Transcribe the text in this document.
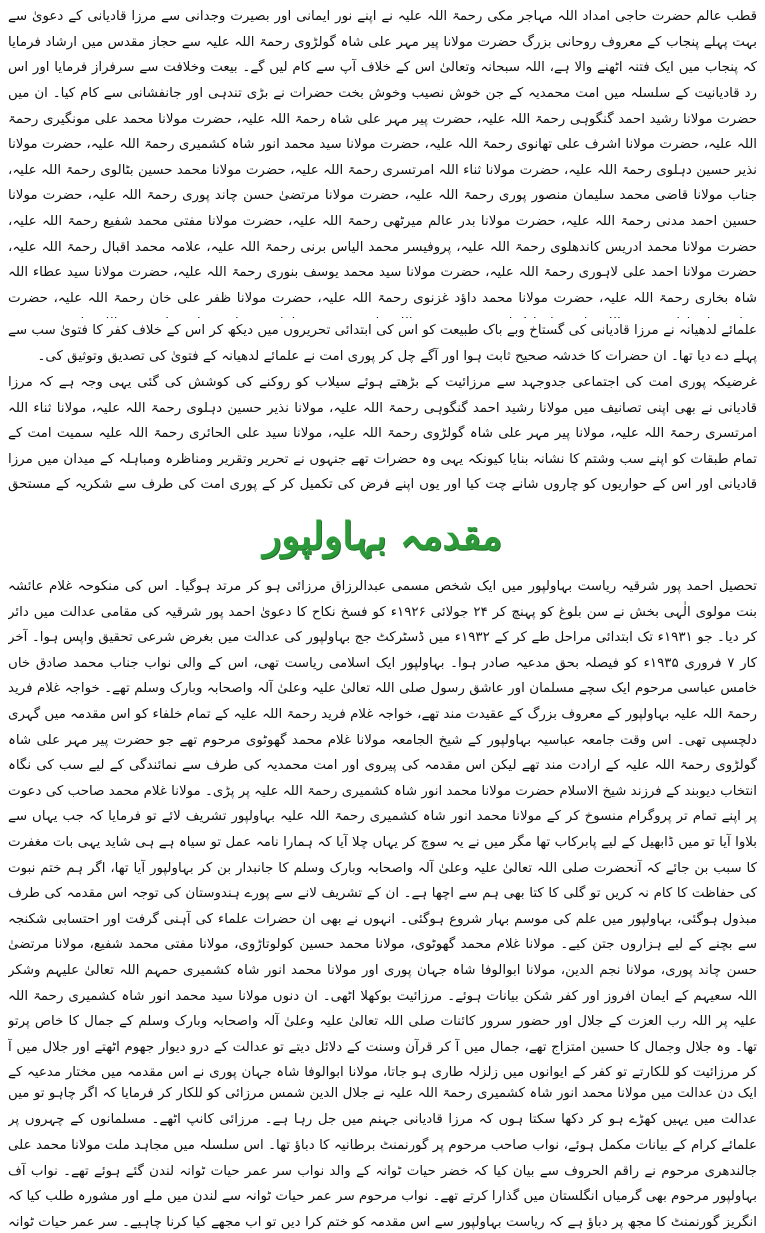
قطب عالم حضرت حاجی امداد اللہ مہاجر مکی رحمۃ اللہ علیہ نے اپنے نور ایمانی اور بصیرت وجدانی سے مرزا قادیانی کے دعویٰ سے بہت پہلے پنجاب کے معروف روحانی بزرگ حضرت مولانا پیر مہر علی شاہ گولڑوی رحمۃ اللہ علیہ سے حجاز مقدس میں ارشاد فرمایا کہ پنجاب میں ایک فتنہ اٹھنے والا ہے، اللہ سبحانہ وتعالیٰ اس کے خلاف آپ سے کام لیں گے۔ بیعت وخلافت سے سرفراز فرمایا اور اس

رد قادیانیت کے سلسلہ میں امت محمدیہ کے جن خوش نصیب وخوش بخت حضرات نے بڑی تندہی اور جانفشانی سے کام کیا۔ ان میں حضرت مولانا رشید احمد گنگوہی رحمۃ اللہ علیہ، حضرت پیر مہر علی شاہ رحمۃ اللہ علیہ، حضرت مولانا محمد علی مونگیری رحمۃ اللہ علیہ، حضرت مولانا اشرف علی تھانوی رحمۃ اللہ علیہ، حضرت مولانا سید محمد انور شاہ کشمیری رحمۃ اللہ علیہ، حضرت مولانا نذیر حسین دہلوی رحمۃ اللہ علیہ، حضرت مولانا ثناء اللہ امرتسری رحمۃ اللہ علیہ، حضرت مولانا محمد حسین بٹالوی رحمۃ اللہ علیہ، جناب مولانا قاضی محمد سلیمان منصور پوری رحمۃ اللہ علیہ، حضرت مولانا مرتضیٰ حسن چاند پوری رحمۃ اللہ علیہ، حضرت مولانا حسین احمد مدنی رحمۃ اللہ علیہ، حضرت مولانا بدر عالم میرٹھی رحمۃ اللہ علیہ، حضرت مولانا مفتی محمد شفیع رحمۃ اللہ علیہ، حضرت مولانا محمد ادریس کاندھلوی رحمۃ اللہ علیہ، پروفیسر محمد الیاس برنی رحمۃ اللہ علیہ، علامہ محمد اقبال رحمۃ اللہ علیہ، حضرت مولانا احمد علی لاہوری رحمۃ اللہ علیہ، حضرت مولانا سید محمد یوسف بنوری رحمۃ اللہ علیہ، حضرت مولانا سید عطاء اللہ شاہ بخاری رحمۃ اللہ علیہ، حضرت مولانا محمد داؤد غزنوی رحمۃ اللہ علیہ، حضرت مولانا ظفر علی خان رحمۃ اللہ علیہ، حضرت

علمائے لدھیانہ نے مرزا قادیانی کی گستاخ وبے باک طبیعت کو اس کی ابتدائی تحریروں میں دیکھ کر اس کے خلاف کفر کا فتویٰ سب سے پہلے دے دیا تھا۔ ان حضرات کا خدشہ صحیح ثابت ہوا اور آگے چل کر پوری امت نے علمائے لدھیانہ کے فتویٰ کی تصدیق وتوثیق کی۔

غرضیکہ پوری امت کی اجتماعی جدوجہد سے مرزائیت کے بڑھتے ہوئے سیلاب کو روکنے کی کوشش کی گئی یہی وجہ ہے کہ مرزا قادیانی نے بھی اپنی تصانیف میں مولانا رشید احمد گنگوہی رحمۃ اللہ علیہ، مولانا نذیر حسین دہلوی رحمۃ اللہ علیہ، مولانا ثناء اللہ امرتسری رحمۃ اللہ علیہ، مولانا پیر مہر علی شاہ گولڑوی رحمۃ اللہ علیہ، مولانا سید علی الحائری رحمۃ اللہ علیہ سمیت امت کے تمام طبقات کو اپنے سب وشتم کا نشانہ بنایا کیونکہ یہی وہ حضرات تھے جنہوں نے تحریر وتقریر ومناظرہ ومباہلہ کے میدان میں مرزا قادیانی اور اس کے حواریوں کو چاروں شانے چت کیا اور یوں اپنے فرض کی تکمیل کر کے پوری امت کی طرف سے شکریہ کے مستحق

مقدمہ بہاولپور

تحصیل احمد پور شرقیہ ریاست بہاولپور میں ایک شخص مسمی عبدالرزاق مرزائی ہو کر مرتد ہوگیا۔ اس کی منکوحہ غلام عائشہ بنت مولوی الٰہی بخش نے سن بلوغ کو پہنچ کر ۲۴ جولائی ۱۹۲۶ء کو فسخ نکاح کا دعویٰ احمد پور شرقیہ کی مقامی عدالت میں دائر کر دیا۔ جو ۱۹۳۱ء تک ابتدائی مراحل طے کر کے ۱۹۳۲ء میں ڈسٹرکٹ جج بہاولپور کی عدالت میں بغرض شرعی تحقیق واپس ہوا۔ آخر کار ۷ فروری ۱۹۳۵ء کو فیصلہ بحق مدعیہ صادر ہوا۔ بہاولپور ایک اسلامی ریاست تھی، اس کے والی نواب جناب محمد صادق خاں خامس عباسی مرحوم ایک سچے مسلمان اور عاشق رسول صلی اللہ تعالیٰ علیہ وعلیٰ آلہ واصحابہ وبارک وسلم تھے۔ خواجہ غلام فرید رحمۃ اللہ علیہ بہاولپور کے معروف بزرگ کے عقیدت مند تھے، خواجہ غلام فرید رحمۃ اللہ علیہ کے تمام خلفاء کو اس مقدمہ میں گہری دلچسپی تھی۔ اس وقت جامعہ عباسیہ بہاولپور کے شیخ الجامعہ مولانا غلام محمد گھوٹوی مرحوم تھے جو حضرت پیر مہر علی شاہ گولڑوی رحمۃ اللہ علیہ کے ارادت مند تھے لیکن اس مقدمہ کی پیروی اور امت محمدیہ کی طرف سے نمائندگی کے لیے سب کی نگاہ انتخاب دیوبند کے فرزند شیخ الاسلام حضرت مولانا محمد انور شاہ کشمیری رحمۃ اللہ علیہ پر پڑی۔ مولانا غلام محمد صاحب کی دعوت پر اپنے تمام تر پروگرام منسوخ کر کے مولانا محمد انور شاہ کشمیری رحمۃ اللہ علیہ بہاولپور تشریف لائے تو فرمایا کہ جب یہاں سے بلاوا آیا تو میں ڈابھیل کے لیے پابرکاب تھا مگر میں نے یہ سوچ کر یہاں چلا آیا کہ ہمارا نامہ عمل تو سیاہ ہے ہی شاید یہی بات مغفرت کا سبب بن جائے کہ آنحضرت صلی اللہ تعالیٰ علیہ وعلیٰ آلہ واصحابہ وبارک وسلم کا جانبدار بن کر بہاولپور آیا تھا، اگر ہم ختم نبوت کی حفاظت کا کام نہ کریں تو گلی کا کتا بھی ہم سے اچھا ہے۔ ان کے تشریف لانے سے پورے ہندوستان کی توجہ اس مقدمہ کی طرف مبذول ہوگئی، بہاولپور میں علم کی موسم بہار شروع ہوگئی۔ انہوں نے بھی ان حضرات علماء کی آہنی گرفت اور احتسابی شکنجہ سے بچنے کے لیے ہزاروں جتن کیے۔ مولانا غلام محمد گھوٹوی، مولانا محمد حسین کولوتاڑوی، مولانا مفتی محمد شفیع، مولانا مرتضیٰ حسن چاند پوری، مولانا نجم الدین، مولانا ابوالوفا شاہ جہان پوری اور مولانا محمد انور شاہ کشمیری حمہم اللہ تعالیٰ علیہم وشکر اللہ سعیہم کے ایمان افروز اور کفر شکن بیانات ہوئے۔ مرزائیت بوکھلا اٹھی۔ ان دنوں مولانا سید محمد انور شاہ کشمیری رحمۃ اللہ علیہ پر اللہ رب العزت کے جلال اور حضور سرور کائنات صلی اللہ تعالیٰ علیہ وعلیٰ آلہ واصحابہ وبارک وسلم کے جمال کا خاص پرتو تھا۔ وہ جلال وجمال کا حسین امتزاج تھے، جمال میں آ کر قرآن وسنت کے دلائل دیتے تو عدالت کے درو دیوار جھوم اٹھتے اور جلال میں آ کر مرزائیت کو للکارتے تو کفر کے ایوانوں میں زلزلہ طاری ہو جاتا، مولانا ابوالوفا شاہ جہان پوری نے اس مقدمہ میں مختار مدعیہ کے

ایک دن عدالت میں مولانا محمد انور شاہ کشمیری رحمۃ اللہ علیہ نے جلال الدین شمس مرزائی کو للکار کر فرمایا کہ اگر چاہو تو میں عدالت میں یہیں کھڑے ہو کر دکھا سکتا ہوں کہ مرزا قادیانی جہنم میں جل رہا ہے۔ مرزائی کانپ اٹھے۔ مسلمانوں کے چہروں پر

علمائے کرام کے بیانات مکمل ہوئے، نواب صاحب مرحوم پر گورنمنٹ برطانیہ کا دباؤ تھا۔ اس سلسلہ میں مجاہد ملت مولانا محمد علی جالندھری مرحوم نے راقم الحروف سے بیان کیا کہ خضر حیات ٹوانہ کے والد نواب سر عمر حیات ٹوانہ لندن گئے ہوئے تھے۔ نواب آف بہاولپور مرحوم بھی گرمیاں انگلستان میں گذارا کرتے تھے۔ نواب مرحوم سر عمر حیات ٹوانہ سے لندن میں ملے اور مشورہ طلب کیا کہ انگریز گورنمنٹ کا مجھ پر دباؤ ہے کہ ریاست بہاولپور سے اس مقدمہ کو ختم کرا دیں تو اب مجھے کیا کرنا چاہیے۔ سر عمر حیات ٹوانہ
